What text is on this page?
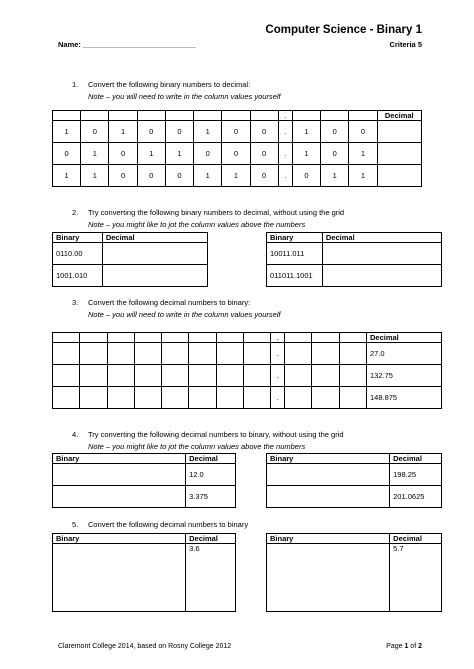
Computer Science - Binary 1
Name: ___________________________	Criteria 5
1. Convert the following binary numbers to decimal:
Note – you will need to write in the column values yourself
								.				Decimal
1	0	1	0	0	1	0	0	.	1	0	0	
0	1	0	1	1	0	0	0	.	1	0	1	
1	1	0	0	0	1	1	0	.	0	1	1	
2. Try converting the following binary numbers to decimal, without using the grid
Note – you might like to jot the column values above the numbers
Binary	Decimal
0110.00	
1001.010	
Binary	Decimal
10011.011	
011011.1001	
3. Convert the following decimal numbers to binary:
Note – you will need to write in the column values yourself
								.				Decimal
								.				27.0
								.				132.75
								.				148.875
4. Try converting the following decimal numbers to binary, without using the grid
Note – you might like to jot the column values above the numbers
Binary	Decimal
	12.0
	3.375
Binary	Decimal
	198.25
	201.0625
5. Convert the following decimal numbers to binary
Binary	Decimal
	3.6
Binary	Decimal
	5.7
Claremont College 2014, based on Rosny College 2012	Page 1 of 2
